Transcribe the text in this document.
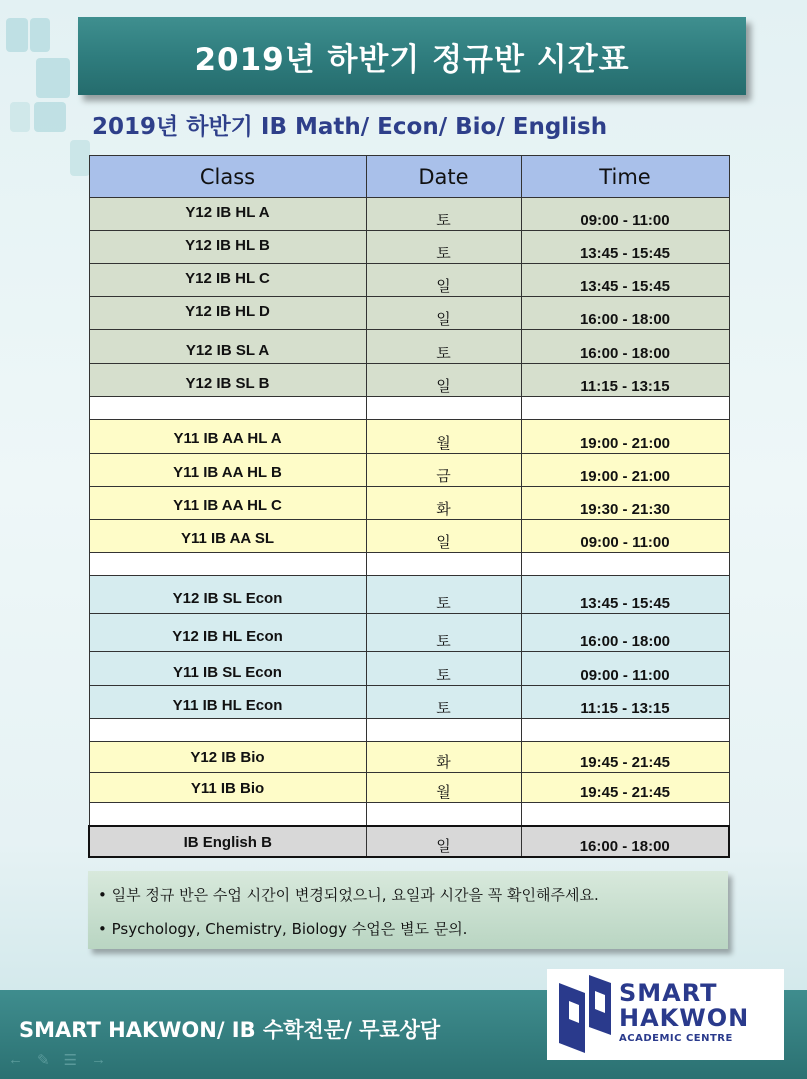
2019년 하반기 정규반 시간표
2019년 하반기 IB Math/ Econ/ Bio/ English
Class	Date	Time
Y12 IB HL A	토	09:00 - 11:00
Y12 IB HL B	토	13:45 - 15:45
Y12 IB HL C	일	13:45 - 15:45
Y12 IB HL D	일	16:00 - 18:00
Y12 IB SL A	토	16:00 - 18:00
Y12 IB SL B	일	11:15 - 13:15

Y11 IB AA HL A	월	19:00 - 21:00
Y11 IB AA HL B	금	19:00 - 21:00
Y11 IB AA HL C	화	19:30 - 21:30
Y11 IB AA SL	일	09:00 - 11:00

Y12 IB SL Econ	토	13:45 - 15:45
Y12 IB HL Econ	토	16:00 - 18:00
Y11 IB SL Econ	토	09:00 - 11:00
Y11 IB HL Econ	토	11:15 - 13:15

Y12 IB Bio	화	19:45 - 21:45
Y11 IB Bio	월	19:45 - 21:45

IB English B	일	16:00 - 18:00
• 일부 정규 반은 수업 시간이 변경되었으니, 요일과 시간을 꼭 확인해주세요.
• Psychology, Chemistry, Biology 수업은 별도 문의.
SMART HAKWON/ IB 수학전문/ 무료상담
SMART
HAKWON
ACADEMIC CENTRE
← ✎ ☰ →
